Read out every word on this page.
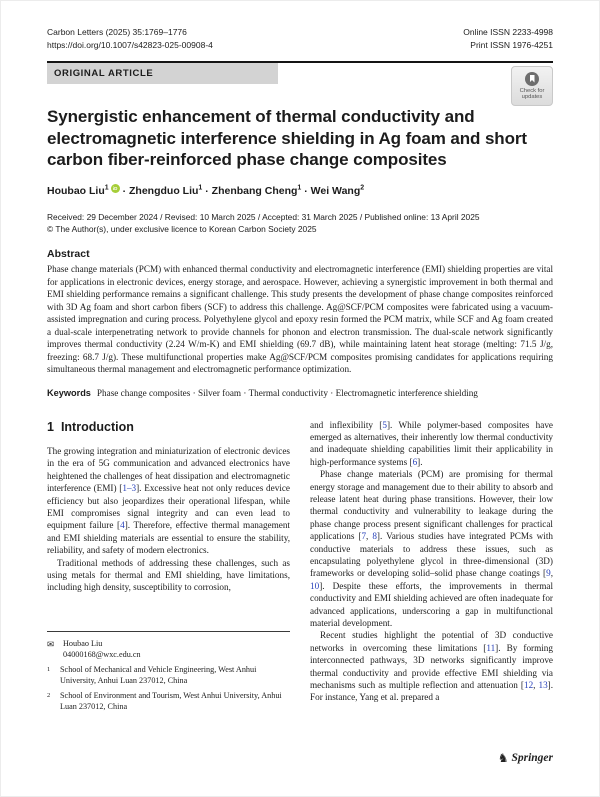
Carbon Letters (2025) 35:1769–1776
https://doi.org/10.1007/s42823-025-00908-4
Online ISSN 2233-4998
Print ISSN 1976-4251
ORIGINAL ARTICLE
Check for
updates
Synergistic enhancement of thermal conductivity and electromagnetic interference shielding in Ag foam and short carbon fiber-reinforced phase change composites
Houbao Liu$^1$ iD · Zhengduo Liu$^1$ · Zhenbang Cheng$^1$ · Wei Wang$^2$
Received: 29 December 2024 / Revised: 10 March 2025 / Accepted: 31 March 2025 / Published online: 13 April 2025
© The Author(s), under exclusive licence to Korean Carbon Society 2025
Abstract
Phase change materials (PCM) with enhanced thermal conductivity and electromagnetic interference (EMI) shielding properties are vital for applications in electronic devices, energy storage, and aerospace. However, achieving a synergistic improvement in both thermal and EMI shielding performance remains a significant challenge. This study presents the development of phase change composites reinforced with 3D Ag foam and short carbon fibers (SCF) to address this challenge. Ag@SCF/PCM composites were fabricated using a vacuum-assisted impregnation and curing process. Polyethylene glycol and epoxy resin formed the PCM matrix, while SCF and Ag foam created a dual-scale interpenetrating network to provide channels for phonon and electron transmission. The dual-scale network significantly improves thermal conductivity (2.24 W/m-K) and EMI shielding (69.7 dB), while maintaining latent heat storage (melting: 71.5 J/g, freezing: 68.7 J/g). These multifunctional properties make Ag@SCF/PCM composites promising candidates for applications requiring simultaneous thermal management and electromagnetic performance optimization.
Keywords Phase change composites · Silver foam · Thermal conductivity · Electromagnetic interference shielding
1 Introduction

The growing integration and miniaturization of electronic devices in the era of 5G communication and advanced electronics have heightened the challenges of heat dissipation and electromagnetic interference (EMI) [1–3]. Excessive heat not only reduces device efficiency but also jeopardizes their operational lifespan, while EMI compromises signal integrity and can even lead to equipment failure [4]. Therefore, effective thermal management and EMI shielding materials are essential to ensure the stability, reliability, and safety of modern electronics.

Traditional methods of addressing these challenges, such as using metals for thermal and EMI shielding, have limitations, including high density, susceptibility to corrosion,

✉	Houbao Liu
04000168@wxc.edu.cn
1	School of Mechanical and Vehicle Engineering, West Anhui University, Anhui Luan 237012, China
2	School of Environment and Tourism, West Anhui University, Anhui Luan 237012, China

and inflexibility [5]. While polymer-based composites have emerged as alternatives, their inherently low thermal conductivity and inadequate shielding capabilities limit their applicability in high-performance systems [6].

Phase change materials (PCM) are promising for thermal energy storage and management due to their ability to absorb and release latent heat during phase transitions. However, their low thermal conductivity and vulnerability to leakage during the phase change process present significant challenges for practical applications [7, 8]. Various studies have integrated PCMs with conductive materials to address these issues, such as encapsulating polyethylene glycol in three-dimensional (3D) frameworks or developing solid–solid phase change coatings [9, 10]. Despite these efforts, the improvements in thermal conductivity and EMI shielding achieved are often inadequate for advanced applications, underscoring a gap in multifunctional material development.

Recent studies highlight the potential of 3D conductive networks in overcoming these limitations [11]. By forming interconnected pathways, 3D networks significantly improve thermal conductivity and provide effective EMI shielding via mechanisms such as multiple reflection and attenuation [12, 13]. For instance, Yang et al. prepared a

♞ Springer
